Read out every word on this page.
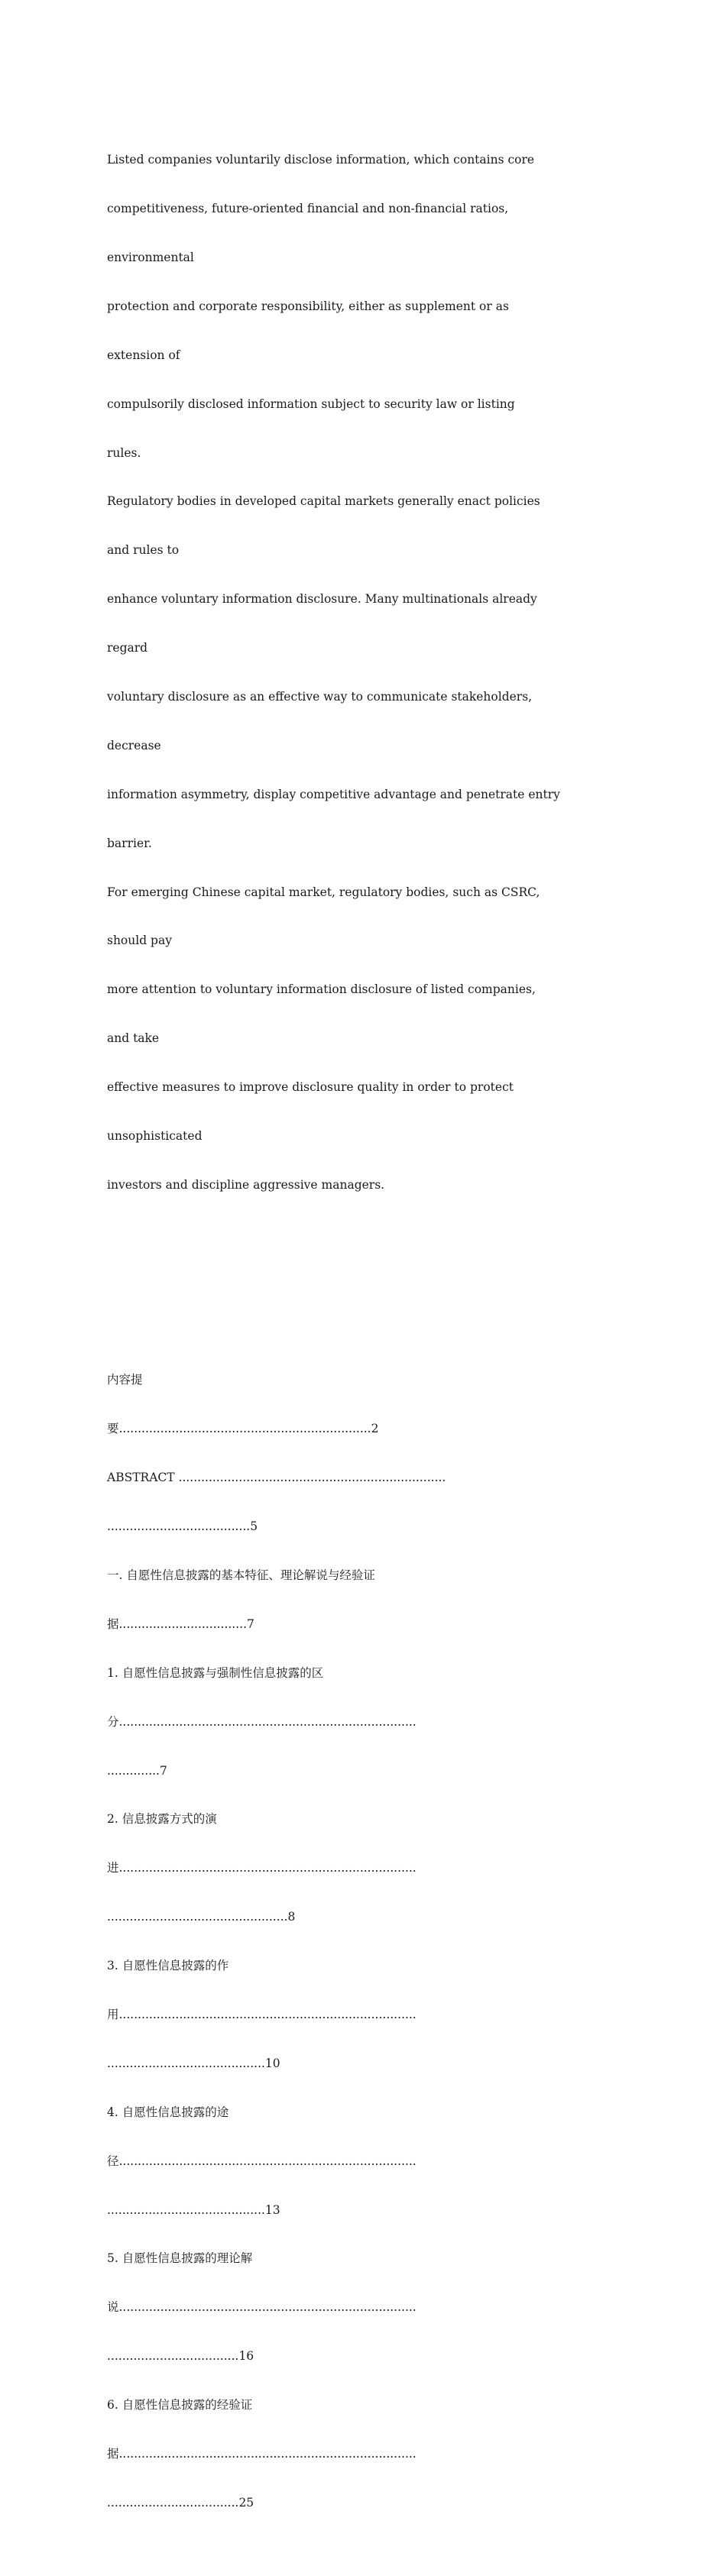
Listed companies voluntarily disclose information, which contains core

competitiveness, future-oriented financial and non-financial ratios,

environmental

protection and corporate responsibility, either as supplement or as

extension of

compulsorily disclosed information subject to security law or listing

rules.

Regulatory bodies in developed capital markets generally enact policies

and rules to

enhance voluntary information disclosure. Many multinationals already

regard

voluntary disclosure as an effective way to communicate stakeholders,

decrease

information asymmetry, display competitive advantage and penetrate entry

barrier.

For emerging Chinese capital market, regulatory bodies, such as CSRC,

should pay

more attention to voluntary information disclosure of listed companies,

and take

effective measures to improve disclosure quality in order to protect

unsophisticated

investors and discipline aggressive managers.

内容提

要...................................................................2

ABSTRACT .......................................................................

......................................5

一. 自愿性信息披露的基本特征、理论解说与经验证

据..................................7

1. 自愿性信息披露与强制性信息披露的区

分...............................................................................

..............7

2. 信息披露方式的演

进...............................................................................

................................................8

3. 自愿性信息披露的作

用...............................................................................

..........................................10

4. 自愿性信息披露的途

径...............................................................................

..........................................13

5. 自愿性信息披露的理论解

说...............................................................................

...................................16

6. 自愿性信息披露的经验证

据...............................................................................

...................................25
